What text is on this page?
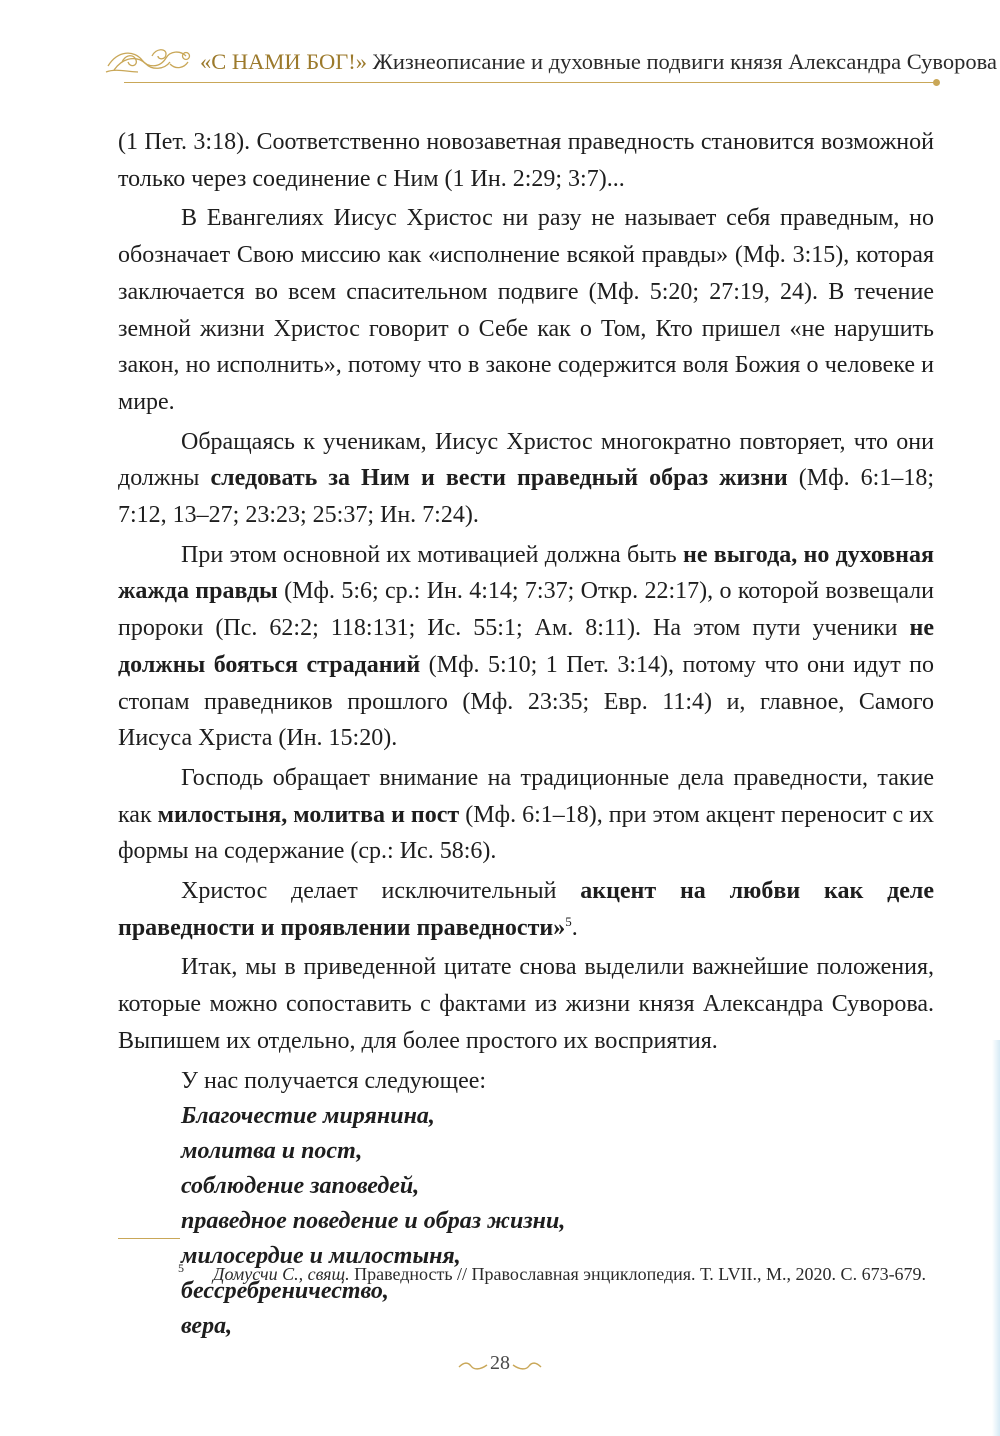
«С НАМИ БОГ!» Жизнеописание и духовные подвиги князя Александра Суворова

(1 Пет. 3:18). Соответственно новозаветная праведность становится возможной только через соединение с Ним (1 Ин. 2:29; 3:7)...

В Евангелиях Иисус Христос ни разу не называет себя праведным, но обозначает Свою миссию как «исполнение всякой правды» (Мф. 3:15), которая заключается во всем спасительном подвиге (Мф. 5:20; 27:19, 24). В течение земной жизни Христос говорит о Себе как о Том, Кто пришел «не нарушить закон, но исполнить», потому что в законе содержится воля Божия о человеке и мире.

Обращаясь к ученикам, Иисус Христос многократно повторяет, что они должны следовать за Ним и вести праведный образ жизни (Мф. 6:1–18; 7:12, 13–27; 23:23; 25:37; Ин. 7:24).

При этом основной их мотивацией должна быть не выгода, но духовная жажда правды (Мф. 5:6; ср.: Ин. 4:14; 7:37; Откр. 22:17), о которой возвещали пророки (Пс. 62:2; 118:131; Ис. 55:1; Ам. 8:11). На этом пути ученики не должны бояться страданий (Мф. 5:10; 1 Пет. 3:14), потому что они идут по стопам праведников прошлого (Мф. 23:35; Евр. 11:4) и, главное, Самого Иисуса Христа (Ин. 15:20).

Господь обращает внимание на традиционные дела праведности, такие как милостыня, молитва и пост (Мф. 6:1–18), при этом акцент переносит с их формы на содержание (ср.: Ис. 58:6).

Христос делает исключительный акцент на любви как деле праведности и проявлении праведности»$^5$.

Итак, мы в приведенной цитате снова выделили важнейшие положения, которые можно сопоставить с фактами из жизни князя Александра Суворова. Выпишем их отдельно, для более простого их восприятия.

У нас получается следующее:

Благочестие мирянина,
молитва и пост,
соблюдение заповедей,
праведное поведение и образ жизни,
милосердие и милостыня,
бессребреничество,
вера,
5	Домусчи С., свящ. Праведность // Православная энциклопедия. Т. LVII., М., 2020. С. 673-679.
28
